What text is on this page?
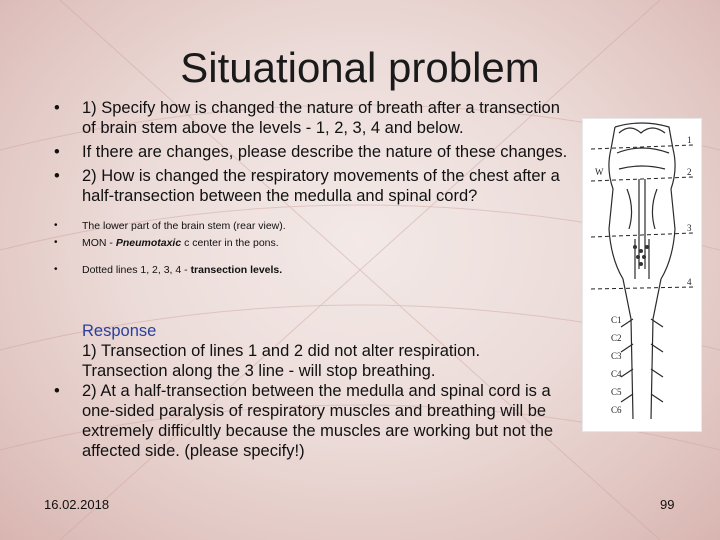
Situational problem
• 1) Specify how is changed the nature of breath after a transection of brain stem above the levels - 1, 2, 3, 4 and below.
• If there are changes, please describe the nature of these changes.
• 2) How is changed the respiratory movements of the chest after a half-transection between the medulla and spinal cord?
• The lower part of the brain stem (rear view).
• MON - Pneumotaxic c center in the pons.
• Dotted lines 1, 2, 3, 4 - transection levels.
Response
1) Transection of lines 1 and 2 did not alter respiration.
Transection along the 3 line - will stop breathing.
• 2) At a half-transection between the medulla and spinal cord is a one-sided paralysis of respiratory muscles and breathing will be extremely difficultly because the muscles are working but not the affected side. (please specify!)
W
1
2
3
4
C1
C2
C3
C4
C5
C6
16.02.2018	99
